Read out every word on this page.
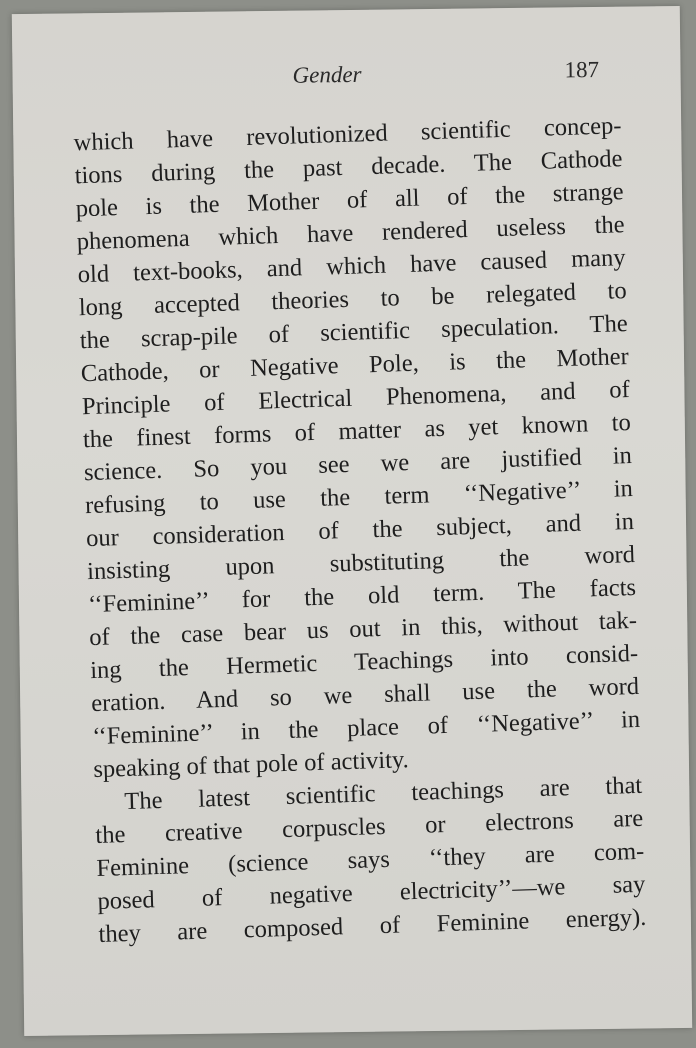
Gender	187
which have revolutionized scientific concep-
tions during the past decade. The Cathode
pole is the Mother of all of the strange
phenomena which have rendered useless the
old text-books, and which have caused many
long accepted theories to be relegated to
the scrap-pile of scientific speculation. The
Cathode, or Negative Pole, is the Mother
Principle of Electrical Phenomena, and of
the finest forms of matter as yet known to
science. So you see we are justified in
refusing to use the term ‘‘Negative’’ in
our consideration of the subject, and in
insisting upon substituting the word
‘‘Feminine’’ for the old term. The facts
of the case bear us out in this, without tak-
ing the Hermetic Teachings into consid-
eration. And so we shall use the word
‘‘Feminine’’ in the place of ‘‘Negative’’ in
speaking of that pole of activity.
The latest scientific teachings are that
the creative corpuscles or electrons are
Feminine (science says ‘‘they are com-
posed of negative electricity’’—we say
they are composed of Feminine energy).
